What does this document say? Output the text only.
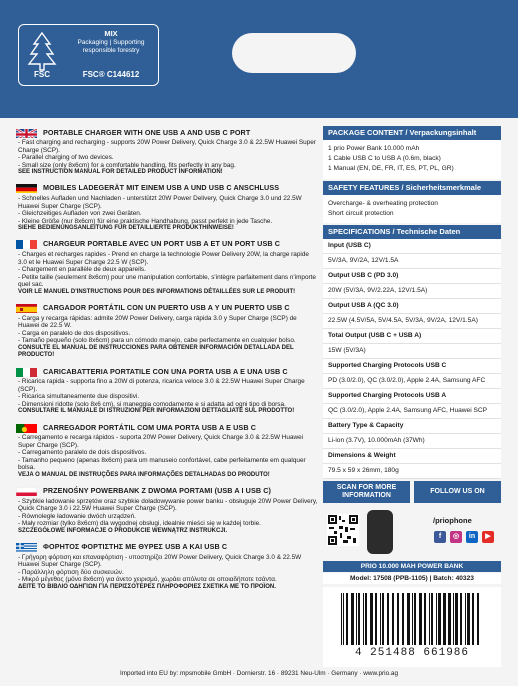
FSC
MIX
Packaging | Supporting responsible forestry
FSC® C144612
PORTABLE CHARGER WITH ONE USB A AND USB C PORT
- Fast charging and recharging - supports 20W Power Delivery, Quick Charge 3.0 & 22.5W Huawei Super Charge (SCP).
- Parallel charging of two devices.
- Small size (only 8x6cm) for a comfortable handling, fits perfectly in any bag.
SEE INSTRUCTION MANUAL FOR DETAILED PRODUCT INFORMATION!
MOBILES LADEGERÄT MIT EINEM USB A UND USB C ANSCHLUSS
- Schnelles Aufladen und Nachladen - unterstützt 20W Power Delivery, Quick Charge 3.0 und 22.5W Huawei Super Charge (SCP).
- Gleichzeitiges Aufladen von zwei Geräten.
- Kleine Größe (nur 8x6cm) für eine praktische Handhabung, passt perfekt in jede Tasche.
SIEHE BEDIENUNGSANLEITUNG FÜR DETAILLIERTE PRODUKTHINWEISE!
CHARGEUR PORTABLE AVEC UN PORT USB A ET UN PORT USB C
- Charges et recharges rapides - Prend en charge la technologie Power Delivery 20W, la charge rapide 3.0 et le Huawei Super Charge 22.5 W (SCP).
- Chargement en parallèle de deux appareils.
- Petite taille (seulement 8x6cm) pour une manipulation confortable, s'intègre parfaitement dans n'importe quel sac.
VOIR LE MANUEL D'INSTRUCTIONS POUR DES INFORMATIONS DÉTAILLÉES SUR LE PRODUIT!
CARGADOR PORTÁTIL CON UN PUERTO USB A Y UN PUERTO USB C
- Carga y recarga rápidas: admite 20W Power Delivery, carga rápida 3.0 y Super Charge (SCP) de Huawei de 22.5 W.
- Carga en paralelo de dos dispositivos.
- Tamaño pequeño (solo 8x6cm) para un cómodo manejo, cabe perfectamente en cualquier bolso.
CONSULTE EL MANUAL DE INSTRUCCIONES PARA OBTENER INFORMACIÓN DETALLADA DEL PRODUCTO!
CARICABATTERIA PORTATILE CON UNA PORTA USB A E UNA USB C
- Ricarica rapida - supporta fino a 20W di potenza, ricarica veloce 3.0 & 22.5W Huawei Super Charge (SCP).
- Ricarica simultaneamente due dispositivi.
- Dimensioni ridotte (solo 8x6 cm), si maneggia comodamente e si adatta ad ogni tipo di borsa.
CONSULTARE IL MANUALE DI ISTRUZIONI PER INFORMAZIONI DETTAGLIATE SUL PRODOTTO!
CARREGADOR PORTÁTIL COM UMA PORTA USB A E USB C
- Carregamento e recarga rápidos - suporta 20W Power Delivery, Quick Charge 3.0 & 22.5W Huawei Super Charge (SCP).
- Carregamento paralelo de dois dispositivos.
- Tamanho pequeno (apenas 8x6cm) para um manuseio confortável, cabe perfeitamente em qualquer bolsa.
VEJA O MANUAL DE INSTRUÇÕES PARA INFORMAÇÕES DETALHADAS DO PRODUTO!
PRZENOŚNY POWERBANK Z DWOMA PORTAMI (USB A I USB C)
- Szybkie ładowanie sprzętów oraz szybkie doładowywanie power banku - obsługuje 20W Power Delivery, Quick Charge 3.0 i 22.5W Huawei Super Charge (SCP).
- Równoległe ładowanie dwóch urządzeń.
- Mały rozmiar (tylko 8x6cm) dla wygodnej obsługi, idealnie mieści się w każdej torbie.
SZCZEGÓŁOWE INFORMACJE O PRODUKCIE WEWNĄTRZ INSTRUKCJI.
ΦΟΡΗΤΟΣ ΦΟΡΤΙΣΤΗΣ ΜΕ ΘΥΡΕΣ USB A ΚΑΙ USB C
- Γρήγορη φόρτιση και επαναφόρτιση - υποστηρίζει 20W Power Delivery, Quick Charge 3.0 & 22.5W Huawei Super Charge (SCP).
- Παράλληλη φόρτιση δύο συσκευών.
- Μικρό μέγεθος (μόνο 8x6cm) για άνετο χειρισμό, χωράει απόλυτα σε οποιαδήποτε τσάντα.
ΔΕΙΤΕ ΤΟ ΒΙΒΛΙΟ ΟΔΗΓΙΩΝ ΓΙΑ ΠΕΡΙΣΣΟΤΕΡΕΣ ΠΛΗΡΟΦΟΡΙΕΣ ΣΧΕΤΙΚΑ ΜΕ ΤΟ ΠΡΟΪΟΝ.
PACKAGE CONTENT / Verpackungsinhalt
1 prio Power Bank 10.000 mAh
1 Cable USB C to USB A (0.6m, black)
1 Manual (EN, DE, FR, IT, ES, PT, PL, GR)
SAFETY FEATURES / Sicherheitsmerkmale
Overcharge- & overheating protection
Short circuit protection
SPECIFICATIONS / Technische Daten
Input (USB C)
5V/3A, 9V/2A, 12V/1.5A
Output USB C (PD 3.0)
20W (5V/3A, 9V/2.22A, 12V/1.5A)
Output USB A (QC 3.0)
22.5W (4.5V/5A, 5V/4.5A, 5V/3A, 9V/2A, 12V/1.5A)
Total Output (USB C + USB A)
15W (5V/3A)
Supported Charging Protocols USB C
PD (3.0/2.0), QC (3.0/2.0), Apple 2.4A, Samsung AFC
Supported Charging Protocols USB A
QC (3.0/2.0), Apple 2.4A, Samsung AFC, Huawei SCP
Battery Type & Capacity
Li-ion (3.7V), 10.000mAh (37Wh)
Dimensions & Weight
79.5 x 59 x 26mm, 180g
SCAN FOR MORE INFORMATION
FOLLOW US ON
/priophone
f	◎	in	▶
PRIO 10.000 MAH POWER BANK
Model: 17508 (PPB-1105) | Batch: 40323
4 251488 661986
Imported into EU by: mpsmobile GmbH · Dornierstr. 16 · 89231 Neu-Ulm · Germany · www.prio.ag
